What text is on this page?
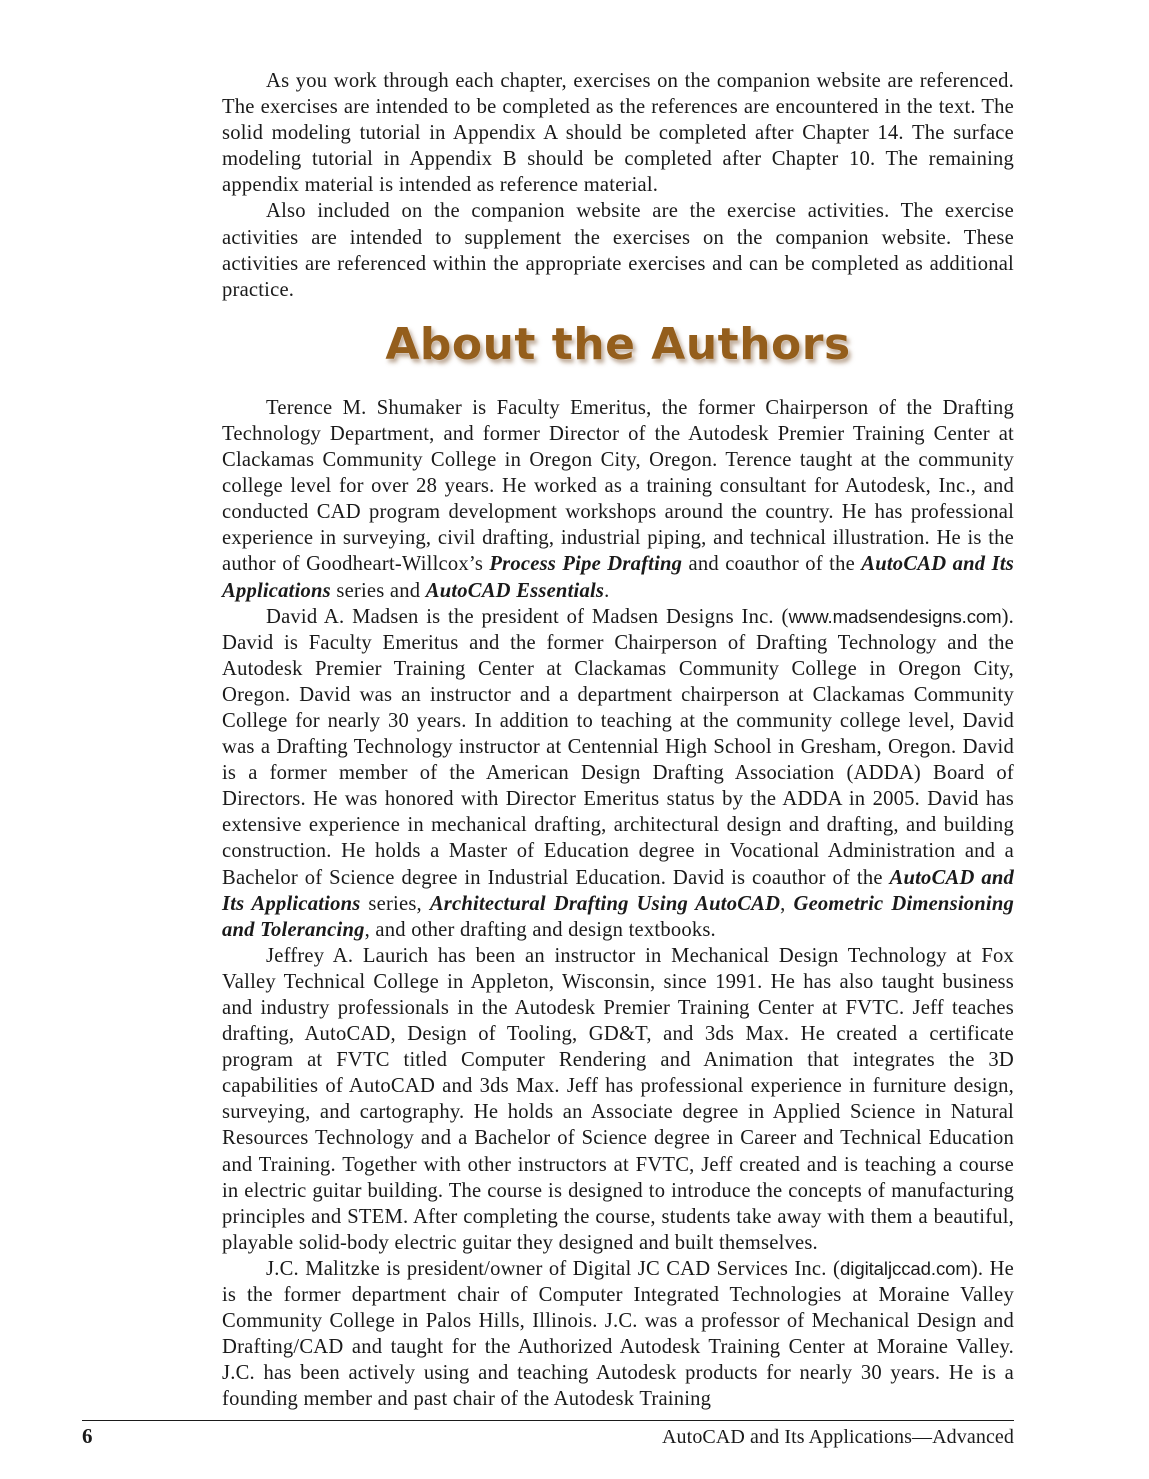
As you work through each chapter, exercises on the companion website are referenced. The exercises are intended to be completed as the references are encountered in the text. The solid modeling tutorial in Appendix A should be completed after Chapter 14. The surface modeling tutorial in Appendix B should be completed after Chapter 10. The remaining appendix material is intended as reference material.

Also included on the companion website are the exercise activities. The exercise activities are intended to supplement the exercises on the companion website. These activities are referenced within the appropriate exercises and can be completed as additional practice.

About the Authors

Terence M. Shumaker is Faculty Emeritus, the former Chairperson of the Drafting Technology Department, and former Director of the Autodesk Premier Training Center at Clackamas Community College in Oregon City, Oregon. Terence taught at the community college level for over 28 years. He worked as a training consultant for Autodesk, Inc., and conducted CAD program development workshops around the country. He has professional experience in surveying, civil drafting, industrial piping, and technical illustration. He is the author of Goodheart-Willcox’s Process Pipe Drafting and coauthor of the AutoCAD and Its Applications series and AutoCAD Essentials.

David A. Madsen is the president of Madsen Designs Inc. (www.madsendesigns.com). David is Faculty Emeritus and the former Chairperson of Drafting Technology and the Autodesk Premier Training Center at Clackamas Community College in Oregon City, Oregon. David was an instructor and a department chairperson at Clackamas Community College for nearly 30 years. In addition to teaching at the community college level, David was a Drafting Technology instructor at Centennial High School in Gresham, Oregon. David is a former member of the American Design Drafting Association (ADDA) Board of Directors. He was honored with Director Emeritus status by the ADDA in 2005. David has extensive experience in mechanical drafting, architectural design and drafting, and building construction. He holds a Master of Education degree in Vocational Administration and a Bachelor of Science degree in Industrial Education. David is coauthor of the AutoCAD and Its Applications series, Architectural Drafting Using AutoCAD, Geometric Dimensioning and Tolerancing, and other drafting and design textbooks.

Jeffrey A. Laurich has been an instructor in Mechanical Design Technology at Fox Valley Technical College in Appleton, Wisconsin, since 1991. He has also taught business and industry professionals in the Autodesk Premier Training Center at FVTC. Jeff teaches drafting, AutoCAD, Design of Tooling, GD&T, and 3ds Max. He created a certificate program at FVTC titled Computer Rendering and Animation that integrates the 3D capabilities of AutoCAD and 3ds Max. Jeff has professional experience in furniture design, surveying, and cartography. He holds an Associate degree in Applied Science in Natural Resources Technology and a Bachelor of Science degree in Career and Technical Education and Training. Together with other instructors at FVTC, Jeff created and is teaching a course in electric guitar building. The course is designed to introduce the concepts of manufacturing principles and STEM. After completing the course, students take away with them a beautiful, playable solid-body electric guitar they designed and built themselves.

J.C. Malitzke is president/owner of Digital JC CAD Services Inc. (digitaljccad.com). He is the former department chair of Computer Integrated Technologies at Moraine Valley Community College in Palos Hills, Illinois. J.C. was a professor of Mechanical Design and Drafting/CAD and taught for the Authorized Autodesk Training Center at Moraine Valley. J.C. has been actively using and teaching Autodesk products for nearly 30 years. He is a founding member and past chair of the Autodesk Training

6	AutoCAD and Its Applications—Advanced
